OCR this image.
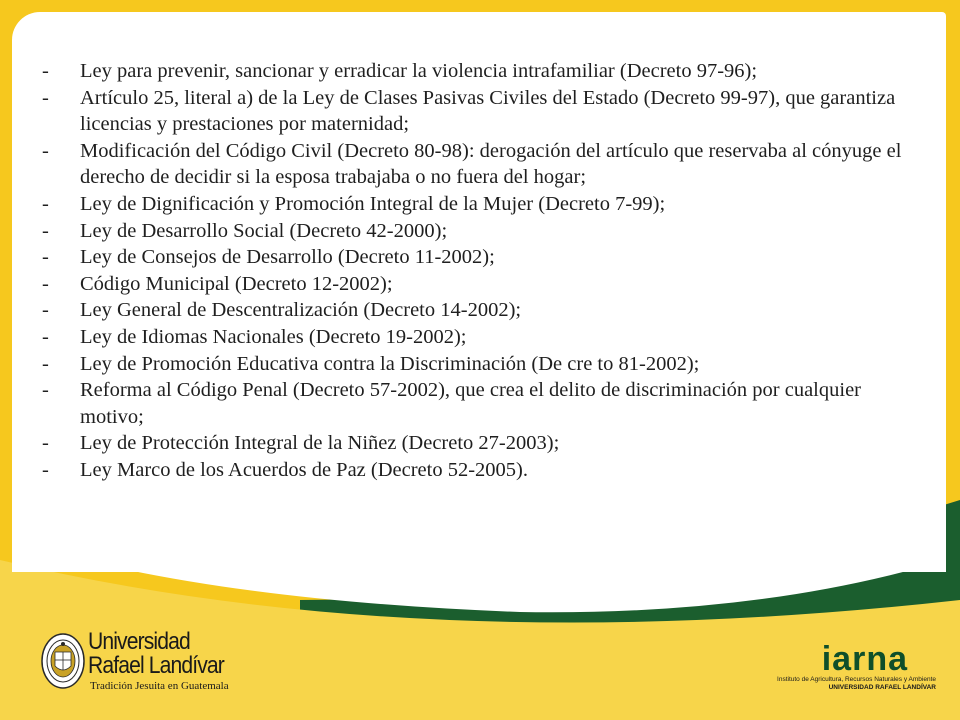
-	Ley para prevenir, sancionar y erradicar la violencia intrafamiliar (Decreto 97-96);
-	Artículo 25, literal a) de la Ley de Clases Pasivas Civiles del Estado (Decreto 99-97), que garantiza licencias y prestaciones por maternidad;
-	Modificación del Código Civil (Decreto 80-98): derogación del artículo que reservaba al cónyuge el derecho de decidir si la esposa trabajaba o no fuera del hogar;
-	Ley de Dignificación y Promoción Integral de la Mujer (Decreto 7-99);
-	Ley de Desarrollo Social (Decreto 42-2000);
-	Ley de Consejos de Desarrollo (Decreto 11-2002);
-	Código Municipal (Decreto 12-2002);
-	Ley General de Descentralización (Decreto 14-2002);
-	Ley de Idiomas Nacionales (Decreto 19-2002);
-	Ley de Promoción Educativa contra la Discriminación (De cre to 81-2002);
-	Reforma al Código Penal (Decreto 57-2002), que crea el delito de discriminación por cualquier motivo;
-	Ley de Protección Integral de la Niñez (Decreto 27-2003);
-	Ley Marco de los Acuerdos de Paz (Decreto 52-2005).
Universidad
Rafael Landívar
Tradición Jesuita en Guatemala
iarna
Instituto de Agricultura, Recursos Naturales y Ambiente
UNIVERSIDAD RAFAEL LANDÍVAR
